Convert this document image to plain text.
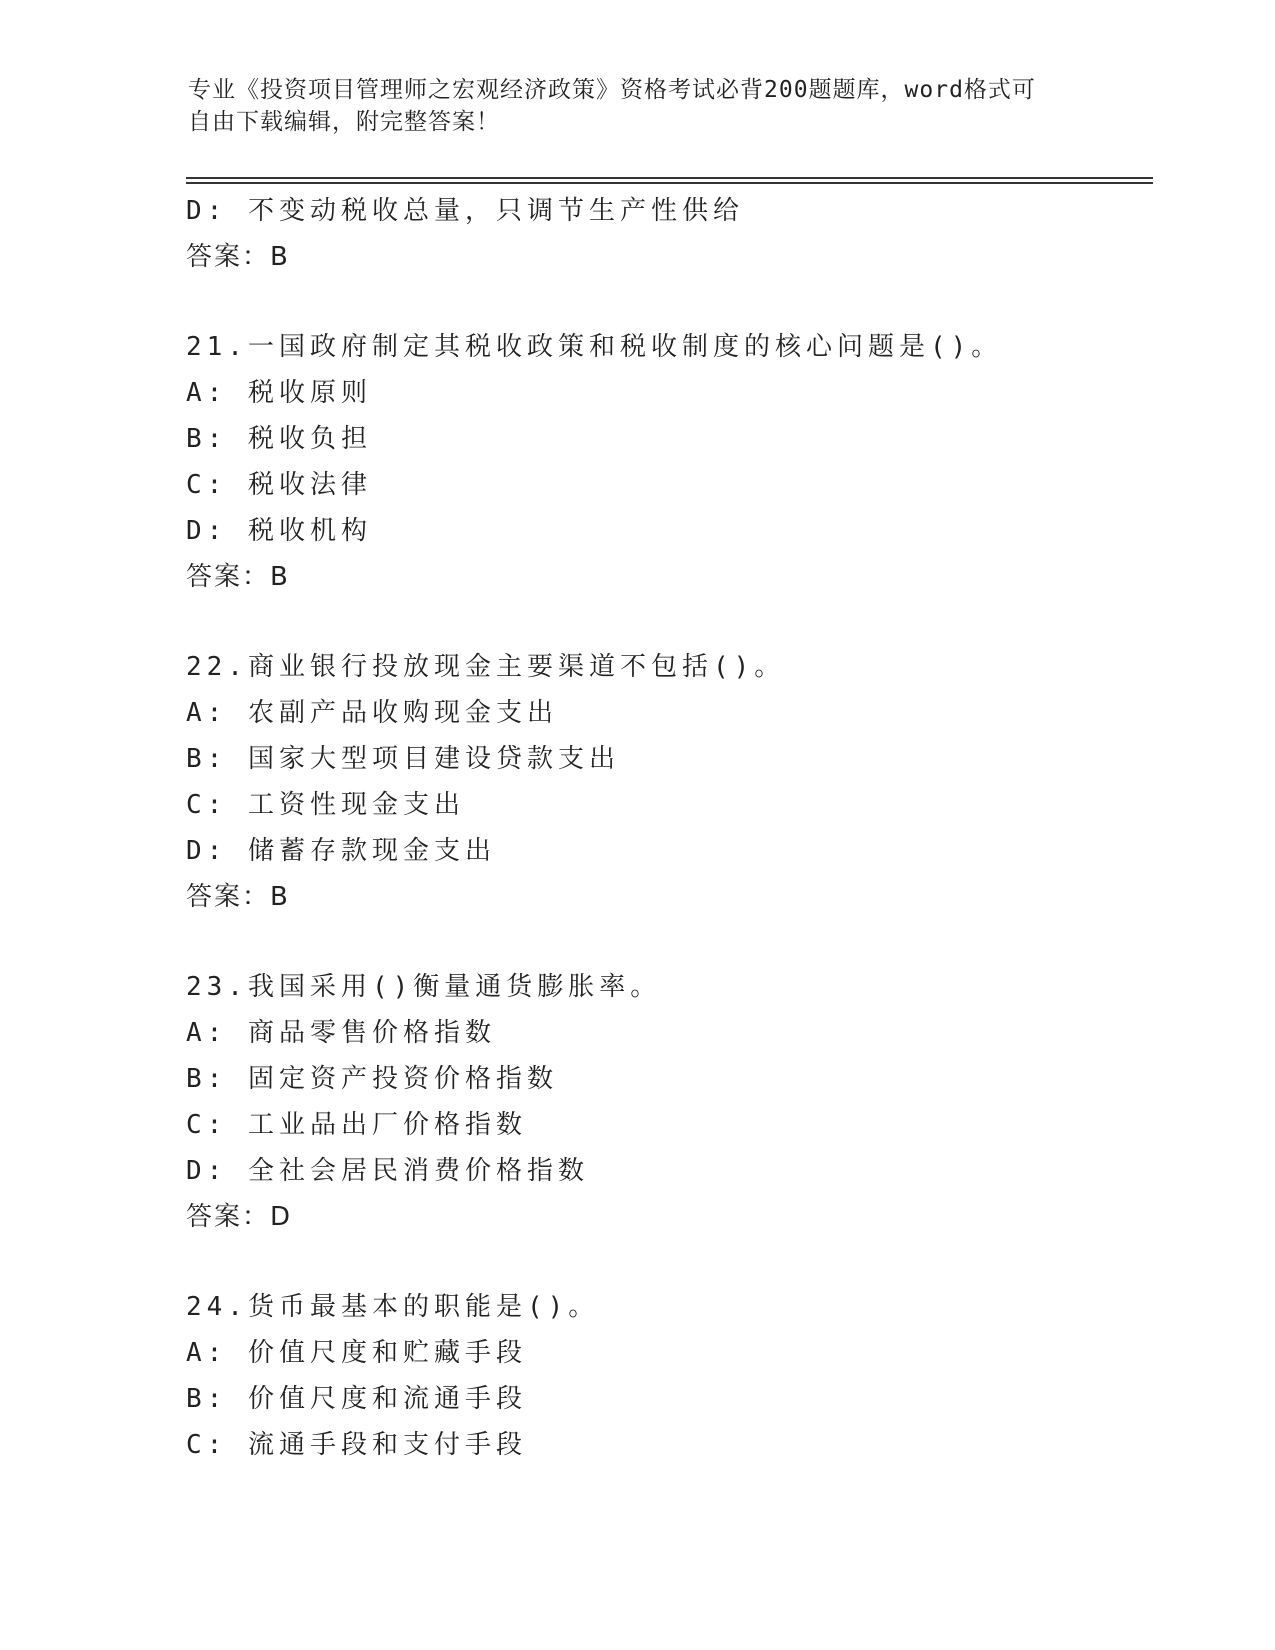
专业《投资项目管理师之宏观经济政策》资格考试必背200题题库，word格式可
自由下载编辑，附完整答案！
D: 不变动税收总量，只调节生产性供给
答案：B
21.一国政府制定其税收政策和税收制度的核心问题是()。
A: 税收原则
B: 税收负担
C: 税收法律
D: 税收机构
答案：B
22.商业银行投放现金主要渠道不包括()。
A: 农副产品收购现金支出
B: 国家大型项目建设贷款支出
C: 工资性现金支出
D: 储蓄存款现金支出
答案：B
23.我国采用()衡量通货膨胀率。
A: 商品零售价格指数
B: 固定资产投资价格指数
C: 工业品出厂价格指数
D: 全社会居民消费价格指数
答案：D
24.货币最基本的职能是()。
A: 价值尺度和贮藏手段
B: 价值尺度和流通手段
C: 流通手段和支付手段
